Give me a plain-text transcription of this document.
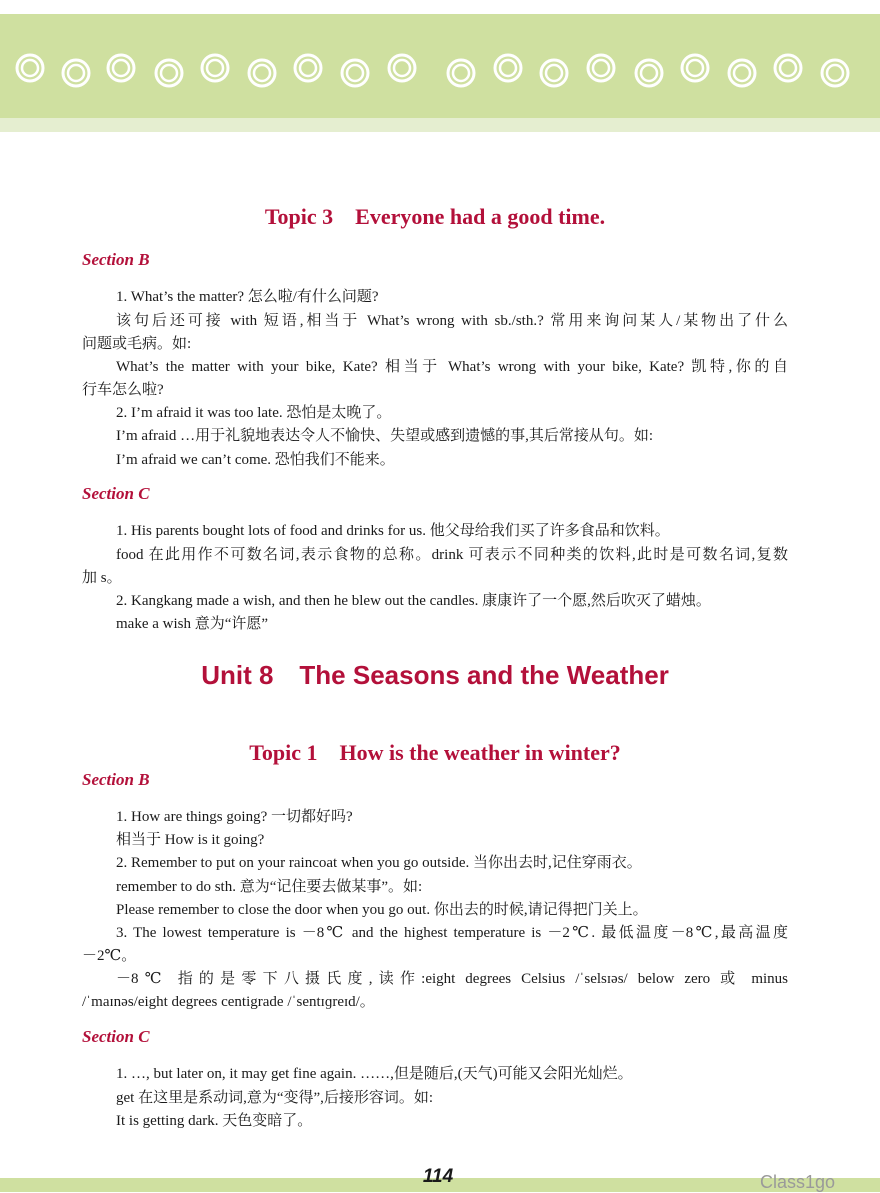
Topic 3　Everyone had a good time.
Section B
1. What’s the matter? 怎么啦/有什么问题?
该句后还可接 with 短语,相当于 What’s wrong with sb./sth.? 常用来询问某人/某物出了什么
问题或毛病。如:
What’s the matter with your bike, Kate? 相当于 What’s wrong with your bike, Kate? 凯特,你的自
行车怎么啦?
2. I’m afraid it was too late. 恐怕是太晚了。
I’m afraid …用于礼貌地表达令人不愉快、失望或感到遗憾的事,其后常接从句。如:
I’m afraid we can’t come. 恐怕我们不能来。
Section C
1. His parents bought lots of food and drinks for us. 他父母给我们买了许多食品和饮料。
food 在此用作不可数名词,表示食物的总称。drink 可表示不同种类的饮料,此时是可数名词,复数
加 s。
2. Kangkang made a wish, and then he blew out the candles. 康康许了一个愿,然后吹灭了蜡烛。
make a wish 意为“许愿”
Unit 8　The Seasons and the Weather
Topic 1　How is the weather in winter?
Section B
1. How are things going? 一切都好吗?
相当于 How is it going?
2. Remember to put on your raincoat when you go outside. 当你出去时,记住穿雨衣。
remember to do sth. 意为“记住要去做某事”。如:
Please remember to close the door when you go out. 你出去的时候,请记得把门关上。
3. The lowest temperature is －8℃ and the highest temperature is －2℃. 最低温度－8℃,最高温度
－2℃。
－8℃ 指的是零下八摄氏度,读作:eight degrees Celsius /ˈselsɪəs/ below zero 或 minus
/ˈmaɪnəs/eight degrees centigrade /ˈsentɪɡreɪd/。
Section C
1. …, but later on, it may get fine again. ……,但是随后,(天气)可能又会阳光灿烂。
get 在这里是系动词,意为“变得”,后接形容词。如:
It is getting dark. 天色变暗了。
114	Class1go
